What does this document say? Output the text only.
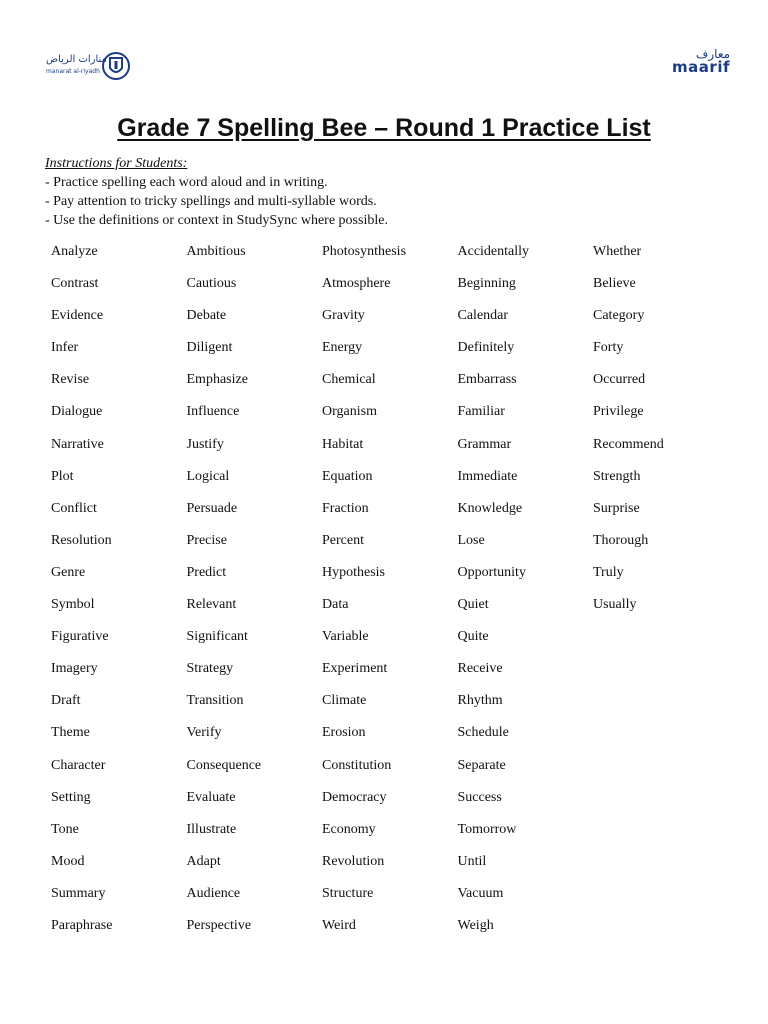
منارات الرياض
manarat al-riyadh
معارف
maarif
Grade 7 Spelling Bee – Round 1 Practice List

Instructions for Students:

- Practice spelling each word aloud and in writing.

- Pay attention to tricky spellings and multi-syllable words.

- Use the definitions or context in StudySync where possible.

Analyze
Contrast
Evidence
Infer
Revise
Dialogue
Narrative
Plot
Conflict
Resolution
Genre
Symbol
Figurative
Imagery
Draft
Theme
Character
Setting
Tone
Mood
Summary
Paraphrase
Ambitious
Cautious
Debate
Diligent
Emphasize
Influence
Justify
Logical
Persuade
Precise
Predict
Relevant
Significant
Strategy
Transition
Verify
Consequence
Evaluate
Illustrate
Adapt
Audience
Perspective
Photosynthesis
Atmosphere
Gravity
Energy
Chemical
Organism
Habitat
Equation
Fraction
Percent
Hypothesis
Data
Variable
Experiment
Climate
Erosion
Constitution
Democracy
Economy
Revolution
Structure
Weird
Accidentally
Beginning
Calendar
Definitely
Embarrass
Familiar
Grammar
Immediate
Knowledge
Lose
Opportunity
Quiet
Quite
Receive
Rhythm
Schedule
Separate
Success
Tomorrow
Until
Vacuum
Weigh
Whether
Believe
Category
Forty
Occurred
Privilege
Recommend
Strength
Surprise
Thorough
Truly
Usually
